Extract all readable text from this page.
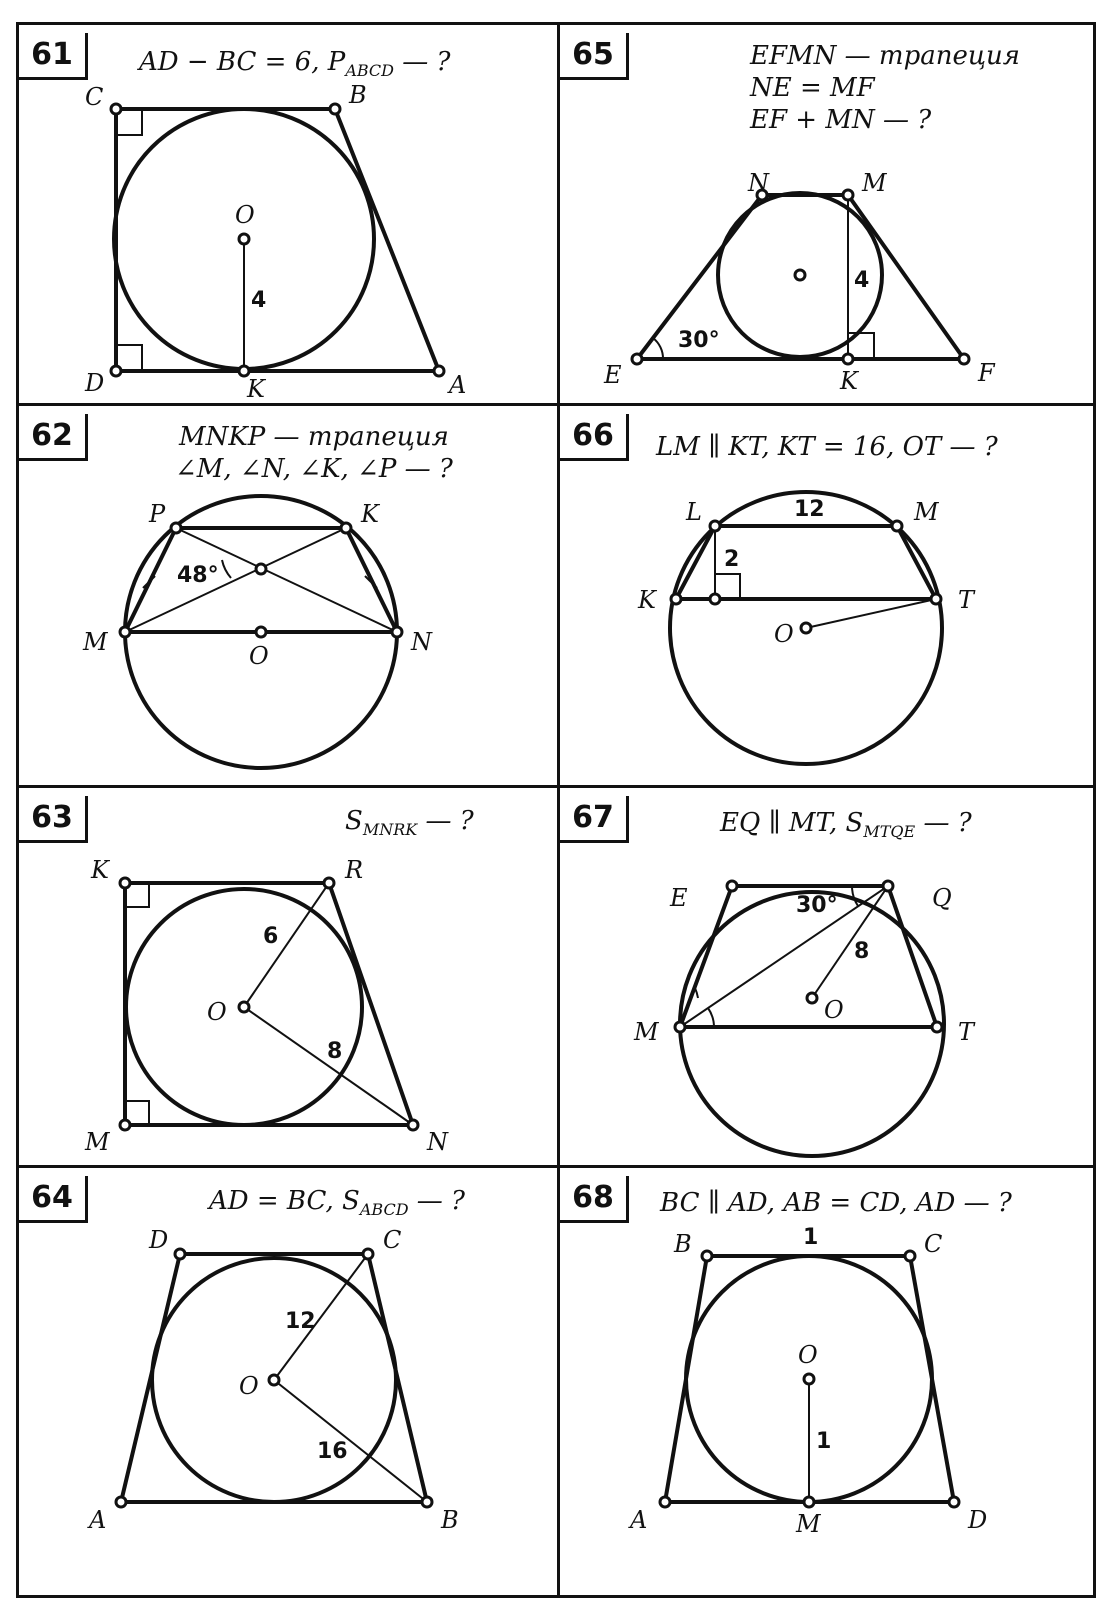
61	AD − BC = 6, $P_{ABCD}$ — ?
C	B
O
D	K	A
4
65	EFMN — трапеция
NE = MF
EF + MN — ?
N	M
E	F
K
4
30°
62	MNKP — трапеция
∠M, ∠N, ∠K, ∠P — ?
P	K
M	N
O
48°
66	LM ∥ KT, KT = 16, OT — ?
L	M
K	T
O
12
2
63	$S_{MNRK}$ — ?
K	R
O
M	N
6
8
67	EQ ∥ MT, $S_{MTQE}$ — ?
E	Q
M	T
O
8
30°
64	AD = BC, $S_{ABCD}$ — ?
D	C
O
A	B
12
16
68	BC ∥ AD, AB = CD, AD — ?
B	C
O
A	M	D
1
1
